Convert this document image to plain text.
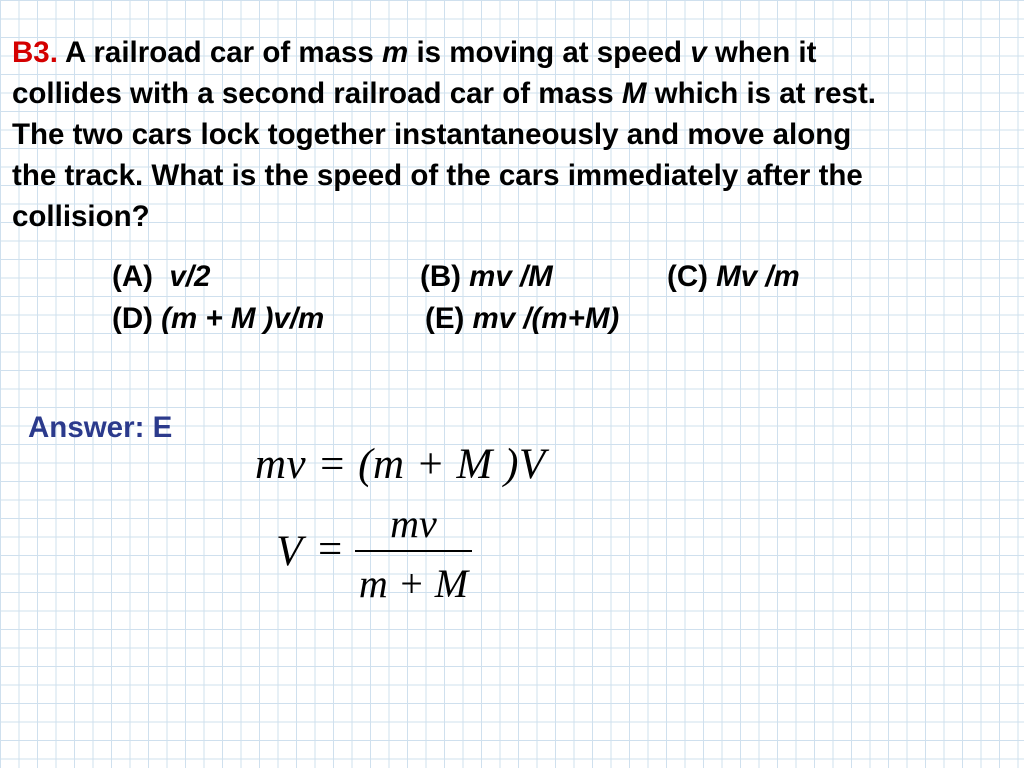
B3. A railroad car of mass m is moving at speed v when it
collides with a second railroad car of mass M which is at rest.
The two cars lock together instantaneously and move along
the track. What is the speed of the cars immediately after the
collision?
(A) v/2	(B) mv /M	(C) Mv /m
(D) (m + M )v/m	(E) mv /(m+M)
Answer: E
mv = (m + M )V
V =
mv
m + M
